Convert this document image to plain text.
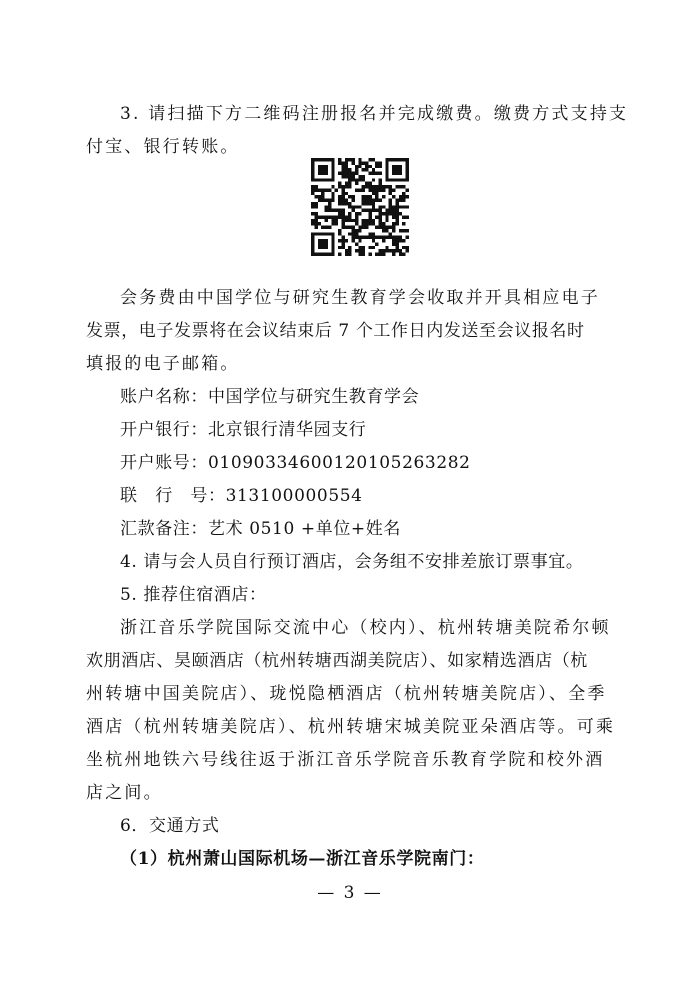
3. 请扫描下方二维码注册报名并完成缴费。缴费方式支持支
付宝、银行转账。
会务费由中国学位与研究生教育学会收取并开具相应电子
发票，电子发票将在会议结束后 7 个工作日内发送至会议报名时
填报的电子邮箱。
账户名称：中国学位与研究生教育学会
开户银行：北京银行清华园支行
开户账号：01090334600120105263282
联　行　号：313100000554
汇款备注：艺术 0510 +单位+姓名
4. 请与会人员自行预订酒店，会务组不安排差旅订票事宜。
5. 推荐住宿酒店：
浙江音乐学院国际交流中心（校内）、杭州转塘美院希尔顿
欢朋酒店、昊颐酒店（杭州转塘西湖美院店）、如家精选酒店（杭
州转塘中国美院店）、珑悦隐栖酒店（杭州转塘美院店）、全季
酒店（杭州转塘美院店）、杭州转塘宋城美院亚朵酒店等。可乘
坐杭州地铁六号线往返于浙江音乐学院音乐教育学院和校外酒
店之间。
6．交通方式
（1）杭州萧山国际机场—浙江音乐学院南门：
— 3 —
